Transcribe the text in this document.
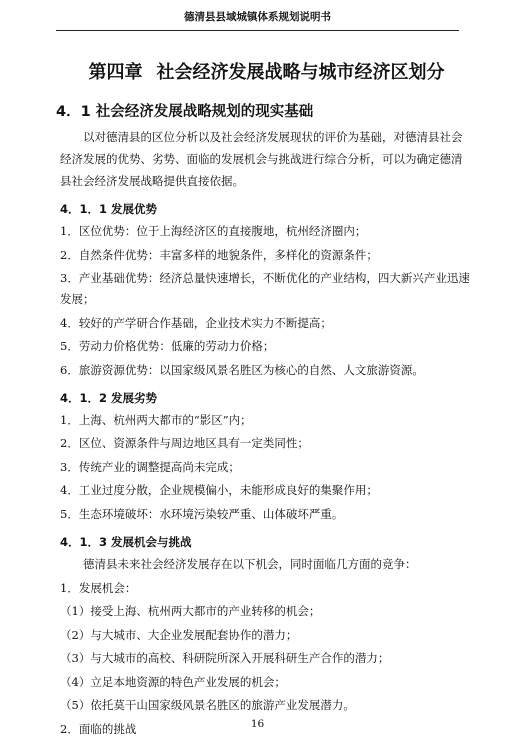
德清县县域城镇体系规划说明书
第四章 社会经济发展战略与城市经济区划分
4．1 社会经济发展战略规划的现实基础

以对德清县的区位分析以及社会经济发展现状的评价为基础，对德清县社会经济发展的优势、劣势、面临的发展机会与挑战进行综合分析，可以为确定德清县社会经济发展战略提供直接依据。

4．1．1 发展优势

1．区位优势：位于上海经济区的直接腹地，杭州经济圈内；

2．自然条件优势：丰富多样的地貌条件，多样化的资源条件；

3．产业基础优势：经济总量快速增长，不断优化的产业结构，四大新兴产业迅速发展；

4．较好的产学研合作基础，企业技术实力不断提高；

5．劳动力价格优势：低廉的劳动力价格；

6．旅游资源优势：以国家级风景名胜区为核心的自然、人文旅游资源。

4．1．2 发展劣势

1．上海、杭州两大都市的“影区”内；

2．区位、资源条件与周边地区具有一定类同性；

3．传统产业的调整提高尚未完成；

4．工业过度分散，企业规模偏小，未能形成良好的集聚作用；

5．生态环境破坏：水环境污染较严重、山体破坏严重。

4．1．3 发展机会与挑战

德清县未来社会经济发展存在以下机会，同时面临几方面的竞争：

1．发展机会：

（1）接受上海、杭州两大都市的产业转移的机会；

（2）与大城市、大企业发展配套协作的潜力；

（3）与大城市的高校、科研院所深入开展科研生产合作的潜力；

（4）立足本地资源的特色产业发展的机会；

（5）依托莫干山国家级风景名胜区的旅游产业发展潜力。

2．面临的挑战	16
